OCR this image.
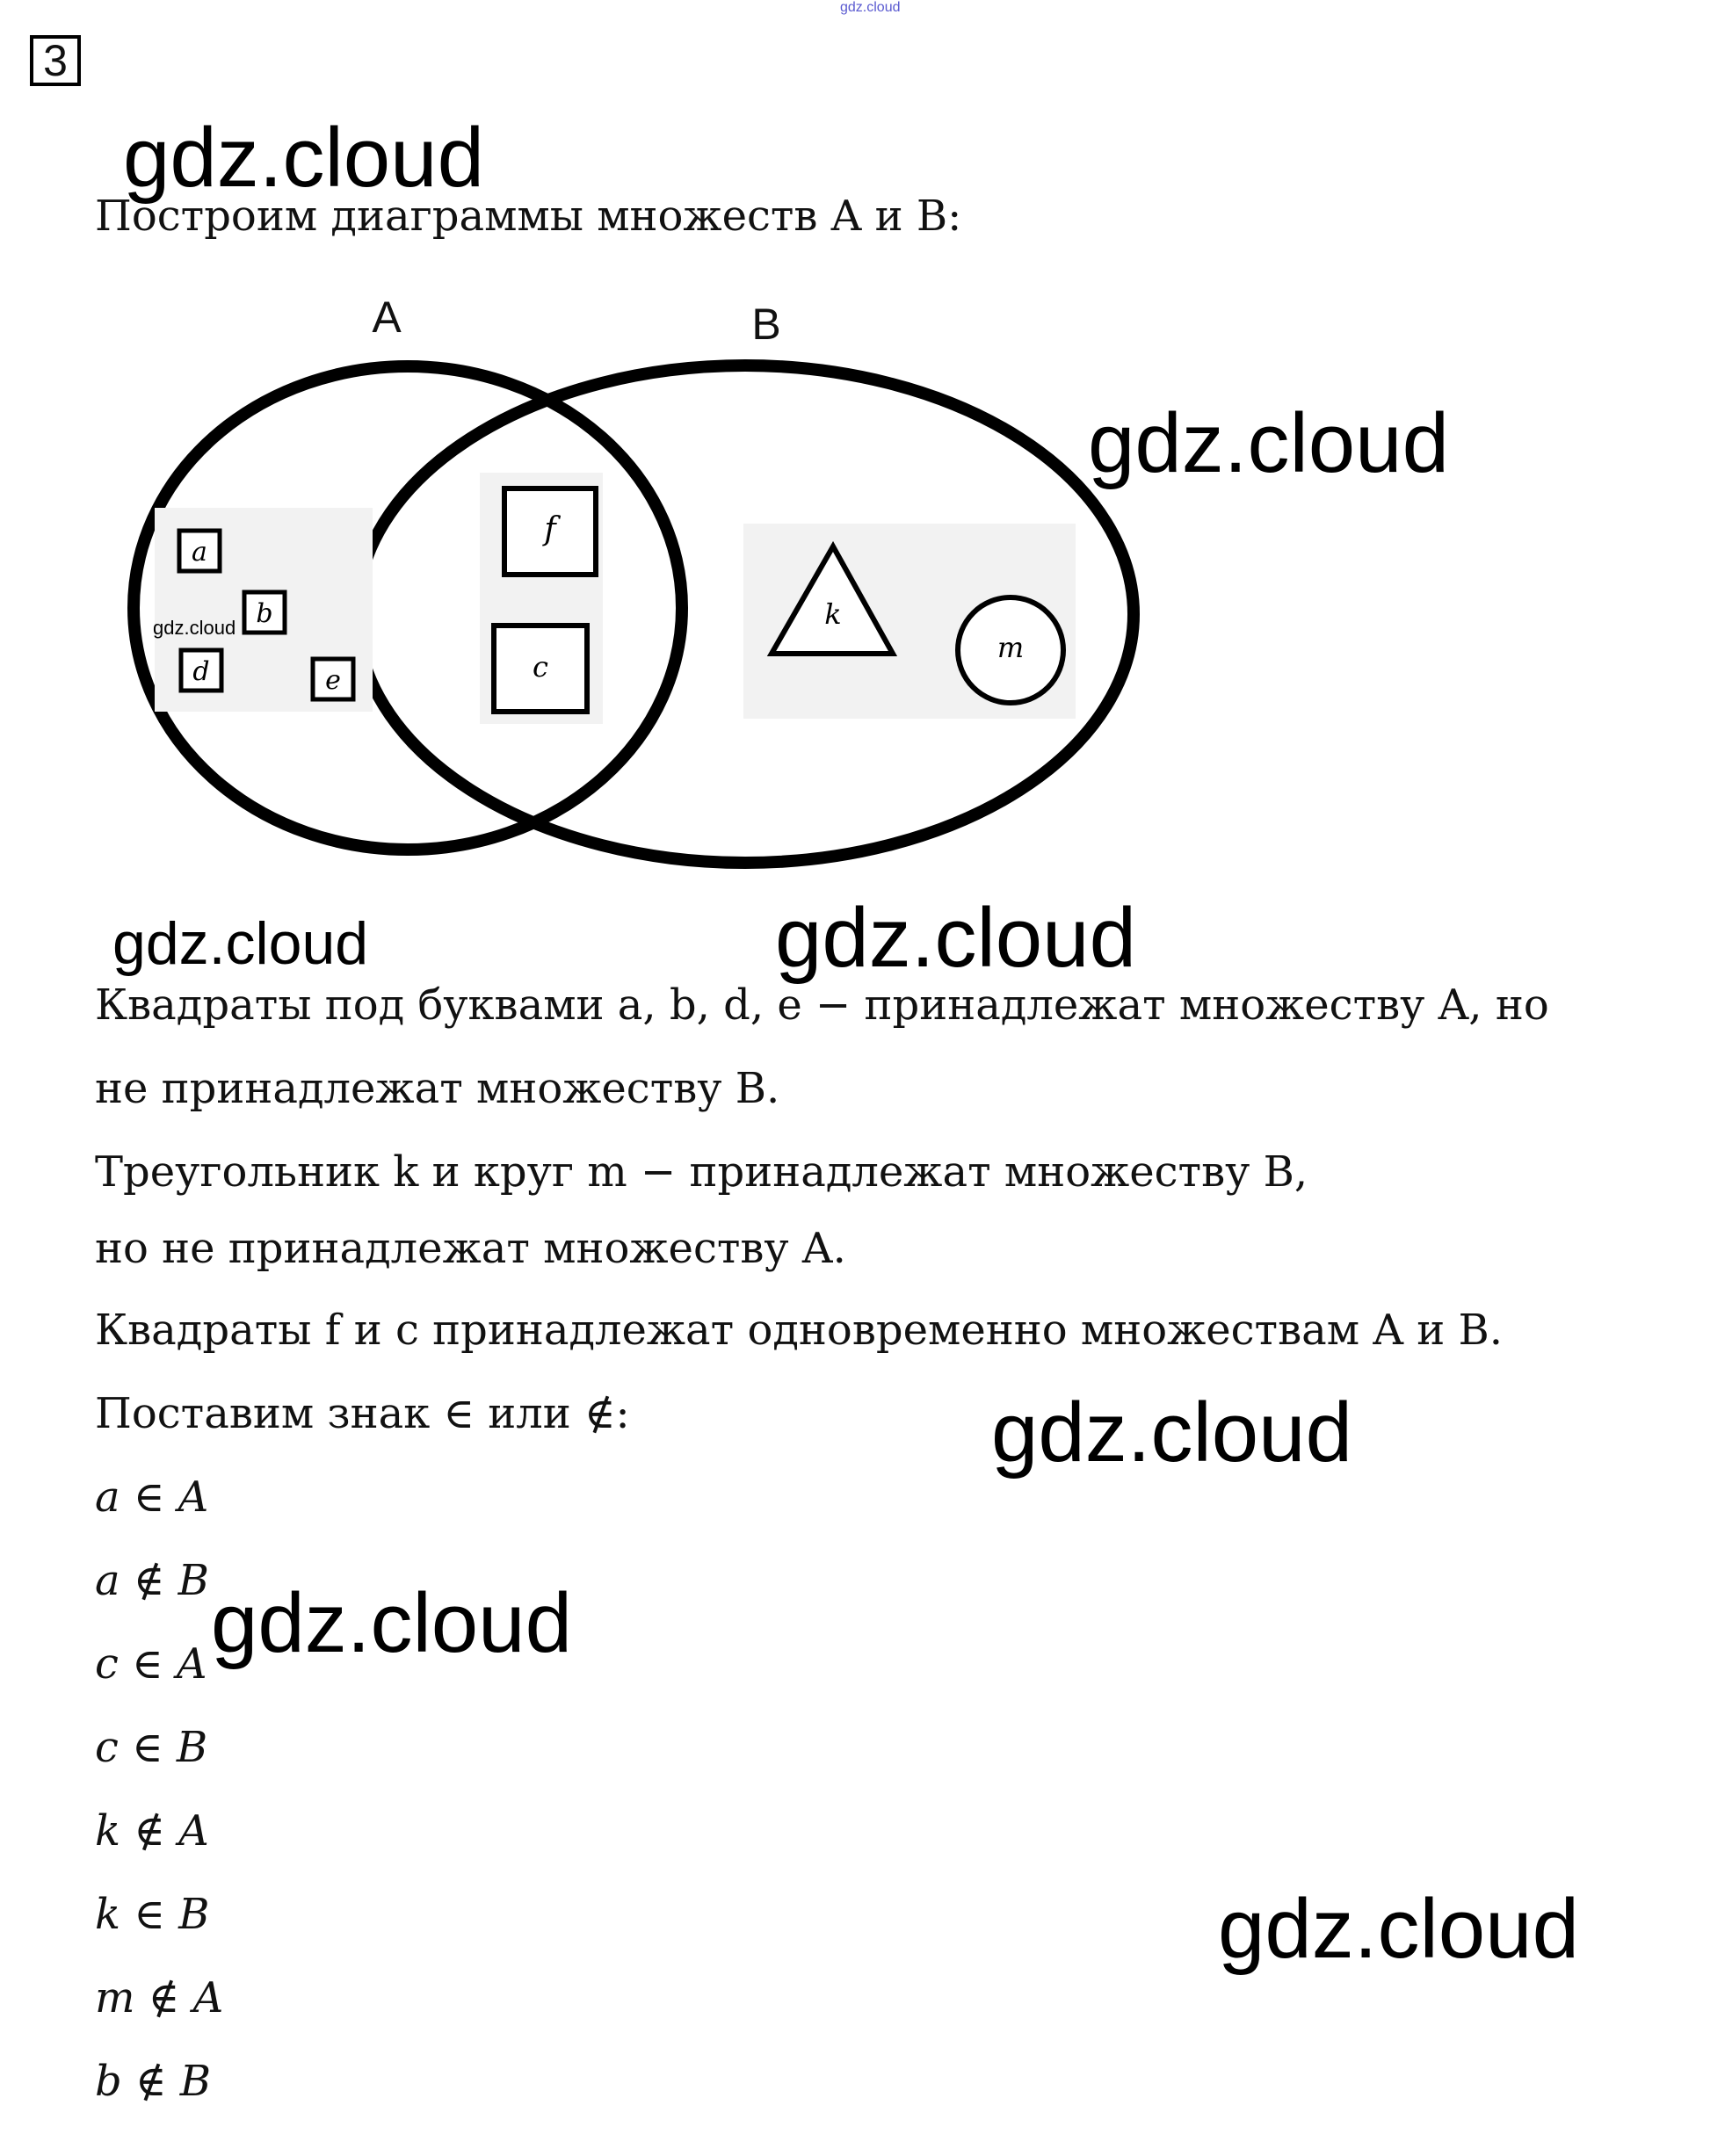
gdz.cloud
3
Построим диаграммы множеств A и B:
A	B
a
b
d	e
f
c
k
m
Квадраты под буквами a, b, d, e − принадлежат множеству A, но
не принадлежат множеству B.
Треугольник k и круг m − принадлежат множеству B,
но не принадлежат множеству A.
Квадраты f и c принадлежат одновременно множествам A и B.
Поставим знак ∈ или ∉:
a ∈ A
a ∉ B
c ∈ A
c ∈ B
k ∉ A
k ∈ B
m ∉ A
b ∉ B
gdz.cloud
gdz.cloud
gdz.cloud
gdz.cloud	gdz.cloud
gdz.cloud
gdz.cloud
gdz.cloud
